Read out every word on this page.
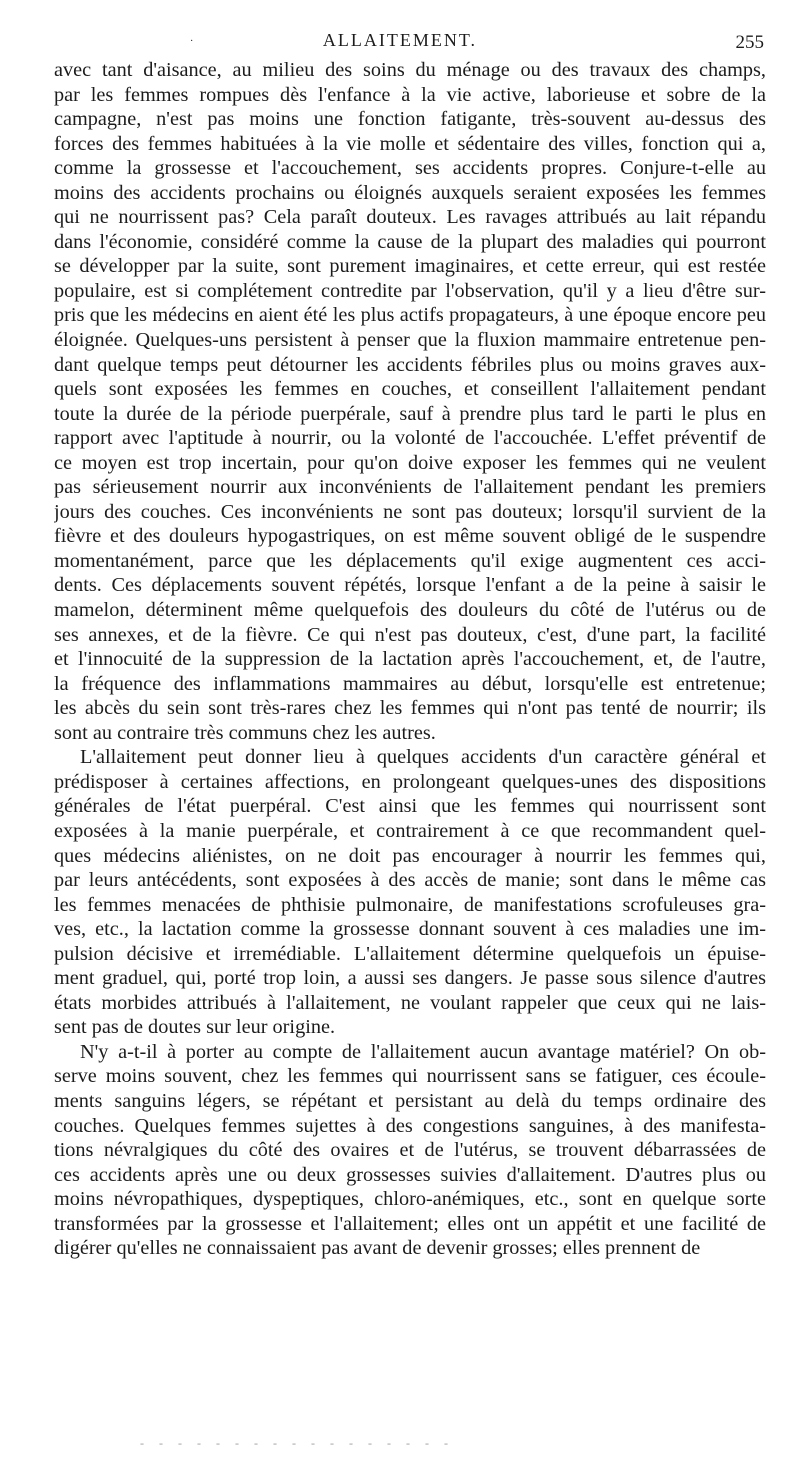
·	ALLAITEMENT.	255
avec tant d'aisance, au milieu des soins du ménage ou des travaux des champs,
par les femmes rompues dès l'enfance à la vie active, laborieuse et sobre de la
campagne, n'est pas moins une fonction fatigante, très-souvent au-dessus des
forces des femmes habituées à la vie molle et sédentaire des villes, fonction qui a,
comme la grossesse et l'accouchement, ses accidents propres. Conjure-t-elle au
moins des accidents prochains ou éloignés auxquels seraient exposées les femmes
qui ne nourrissent pas? Cela paraît douteux. Les ravages attribués au lait répandu
dans l'économie, considéré comme la cause de la plupart des maladies qui pourront
se développer par la suite, sont purement imaginaires, et cette erreur, qui est restée
populaire, est si complétement contredite par l'observation, qu'il y a lieu d'être sur-
pris que les médecins en aient été les plus actifs propagateurs, à une époque encore peu
éloignée. Quelques-uns persistent à penser que la fluxion mammaire entretenue pen-
dant quelque temps peut détourner les accidents fébriles plus ou moins graves aux-
quels sont exposées les femmes en couches, et conseillent l'allaitement pendant
toute la durée de la période puerpérale, sauf à prendre plus tard le parti le plus en
rapport avec l'aptitude à nourrir, ou la volonté de l'accouchée. L'effet préventif de
ce moyen est trop incertain, pour qu'on doive exposer les femmes qui ne veulent
pas sérieusement nourrir aux inconvénients de l'allaitement pendant les premiers
jours des couches. Ces inconvénients ne sont pas douteux; lorsqu'il survient de la
fièvre et des douleurs hypogastriques, on est même souvent obligé de le suspendre
momentanément, parce que les déplacements qu'il exige augmentent ces acci-
dents. Ces déplacements souvent répétés, lorsque l'enfant a de la peine à saisir le
mamelon, déterminent même quelquefois des douleurs du côté de l'utérus ou de
ses annexes, et de la fièvre. Ce qui n'est pas douteux, c'est, d'une part, la facilité
et l'innocuité de la suppression de la lactation après l'accouchement, et, de l'autre,
la fréquence des inflammations mammaires au début, lorsqu'elle est entretenue;
les abcès du sein sont très-rares chez les femmes qui n'ont pas tenté de nourrir; ils
sont au contraire très communs chez les autres.
L'allaitement peut donner lieu à quelques accidents d'un caractère général et
prédisposer à certaines affections, en prolongeant quelques-unes des dispositions
générales de l'état puerpéral. C'est ainsi que les femmes qui nourrissent sont
exposées à la manie puerpérale, et contrairement à ce que recommandent quel-
ques médecins aliénistes, on ne doit pas encourager à nourrir les femmes qui,
par leurs antécédents, sont exposées à des accès de manie; sont dans le même cas
les femmes menacées de phthisie pulmonaire, de manifestations scrofuleuses gra-
ves, etc., la lactation comme la grossesse donnant souvent à ces maladies une im-
pulsion décisive et irremédiable. L'allaitement détermine quelquefois un épuise-
ment graduel, qui, porté trop loin, a aussi ses dangers. Je passe sous silence d'autres
états morbides attribués à l'allaitement, ne voulant rappeler que ceux qui ne lais-
sent pas de doutes sur leur origine.
N'y a-t-il à porter au compte de l'allaitement aucun avantage matériel? On ob-
serve moins souvent, chez les femmes qui nourrissent sans se fatiguer, ces écoule-
ments sanguins légers, se répétant et persistant au delà du temps ordinaire des
couches. Quelques femmes sujettes à des congestions sanguines, à des manifesta-
tions névralgiques du côté des ovaires et de l'utérus, se trouvent débarrassées de
ces accidents après une ou deux grossesses suivies d'allaitement. D'autres plus ou
moins névropathiques, dyspeptiques, chloro-anémiques, etc., sont en quelque sorte
transformées par la grossesse et l'allaitement; elles ont un appétit et une facilité de
digérer qu'elles ne connaissaient pas avant de devenir grosses; elles prennent de
- - - - - - - - - - - - - - - - -
